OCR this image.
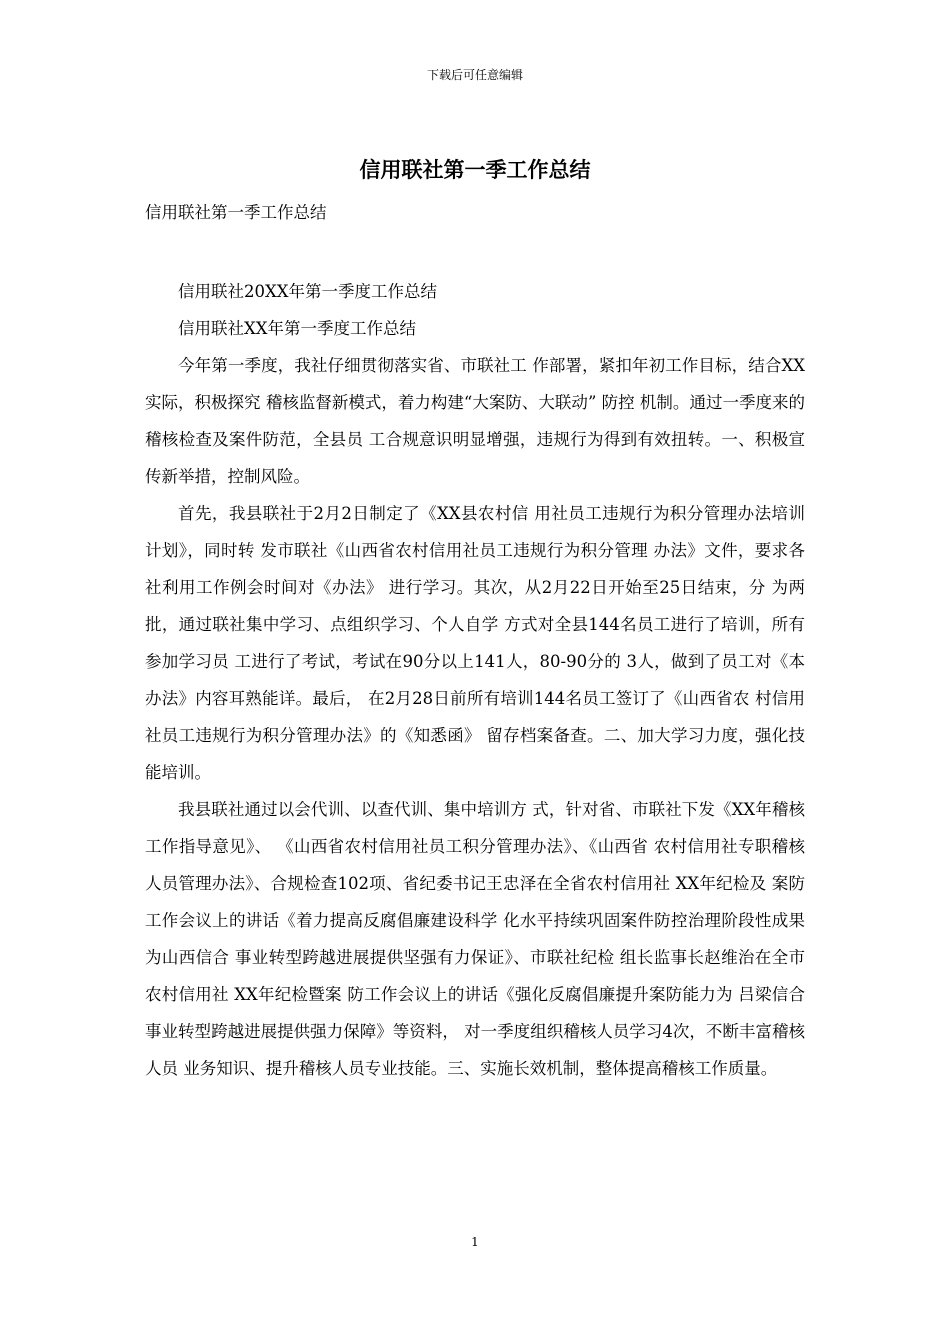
下载后可任意编辑
信用联社第一季工作总结
信用联社第一季工作总结

信用联社20XX年第一季度工作总结

信用联社XX年第一季度工作总结

今年第一季度，我社仔细贯彻落实省、市联社工 作部署，紧扣年初工作目标，结合XX实际，积极探究 稽核监督新模式，着力构建“大案防、大联动” 防控 机制。通过一季度来的稽核检查及案件防范，全县员 工合规意识明显增强，违规行为得到有效扭转。一、积极宣传新举措，控制风险。

首先，我县联社于2月2日制定了《XX县农村信 用社员工违规行为积分管理办法培训计划》，同时转 发市联社《山西省农村信用社员工违规行为积分管理 办法》文件，要求各社利用工作例会时间对《办法》 进行学习。其次，从2月22日开始至25日结束，分 为两批，通过联社集中学习、点组织学习、个人自学 方式对全县144名员工进行了培训，所有参加学习员 工进行了考试，考试在90分以上141人，80-90分的 3人，做到了员工对《本办法》内容耳熟能详。最后， 在2月28日前所有培训144名员工签订了《山西省农 村信用社员工违规行为积分管理办法》的《知悉函》 留存档案备查。二、加大学习力度，强化技能培训。

我县联社通过以会代训、以查代训、集中培训方 式，针对省、市联社下发《XX年稽核工作指导意见》、 《山西省农村信用社员工积分管理办法》、《山西省 农村信用社专职稽核人员管理办法》、合规检查102项、省纪委书记王忠泽在全省农村信用社 XX年纪检及 案防工作会议上的讲话《着力提高反腐倡廉建设科学 化水平持续巩固案件防控治理阶段性成果为山西信合 事业转型跨越进展提供坚强有力保证》、市联社纪检 组长监事长赵维治在全市农村信用社 XX年纪检暨案 防工作会议上的讲话《强化反腐倡廉提升案防能力为 吕梁信合事业转型跨越进展提供强力保障》等资料， 对一季度组织稽核人员学习4次，不断丰富稽核人员 业务知识、提升稽核人员专业技能。三、实施长效机制，整体提高稽核工作质量。

1
